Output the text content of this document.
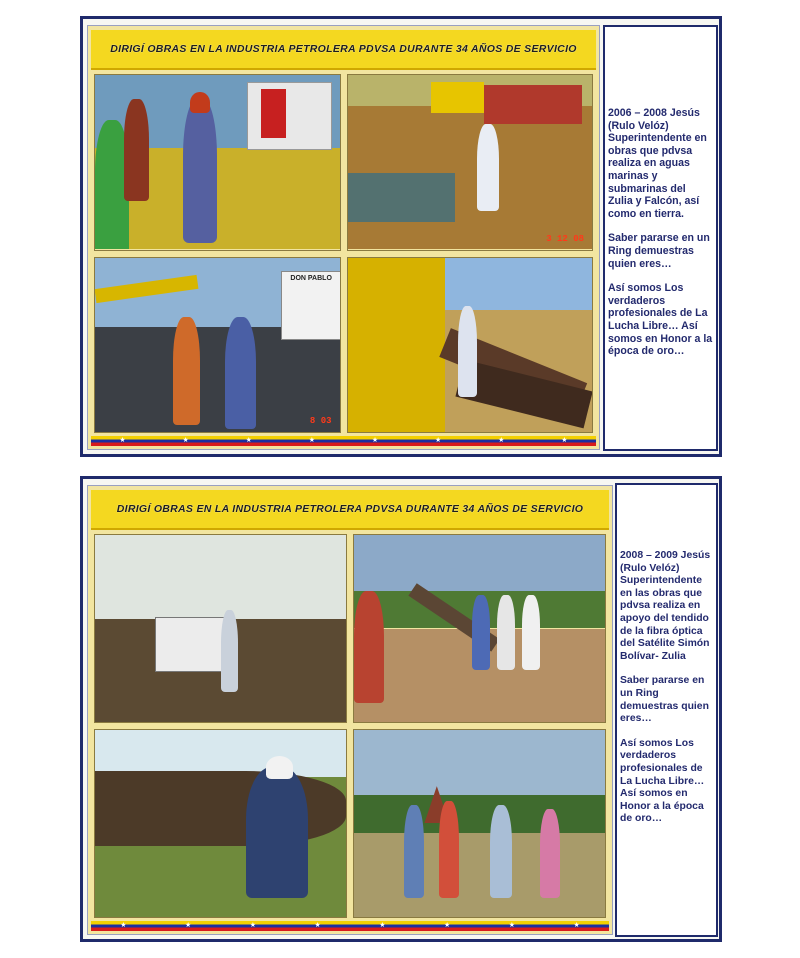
DIRIGÍ OBRAS EN LA INDUSTRIA PETROLERA PDVSA DURANTE 34 AÑOS DE SERVICIO
3 12 08
DON PABLO
8 03
★	★	★	★	★	★	★	★

2006 – 2008 Jesús (Rulo Velóz) Superintendente en obras que pdvsa realiza en aguas marinas y submarinas del Zulia y Falcón, así como en tierra.

Saber pararse en un Ring demuestras quien eres…

Así somos Los verdaderos profesionales de La Lucha Libre… Así somos en Honor a la época de oro…

DIRIGÍ OBRAS EN LA INDUSTRIA PETROLERA PDVSA DURANTE 34 AÑOS DE SERVICIO
★	★	★	★	★	★	★	★

2008 – 2009 Jesús (Rulo Velóz) Superintendente en las obras que pdvsa realiza en apoyo del tendido de la fibra óptica del Satélite Simón Bolívar- Zulia

Saber pararse en un Ring demuestras quien eres…

Así somos Los verdaderos profesionales de La Lucha Libre… Así somos en Honor a la época de oro…
